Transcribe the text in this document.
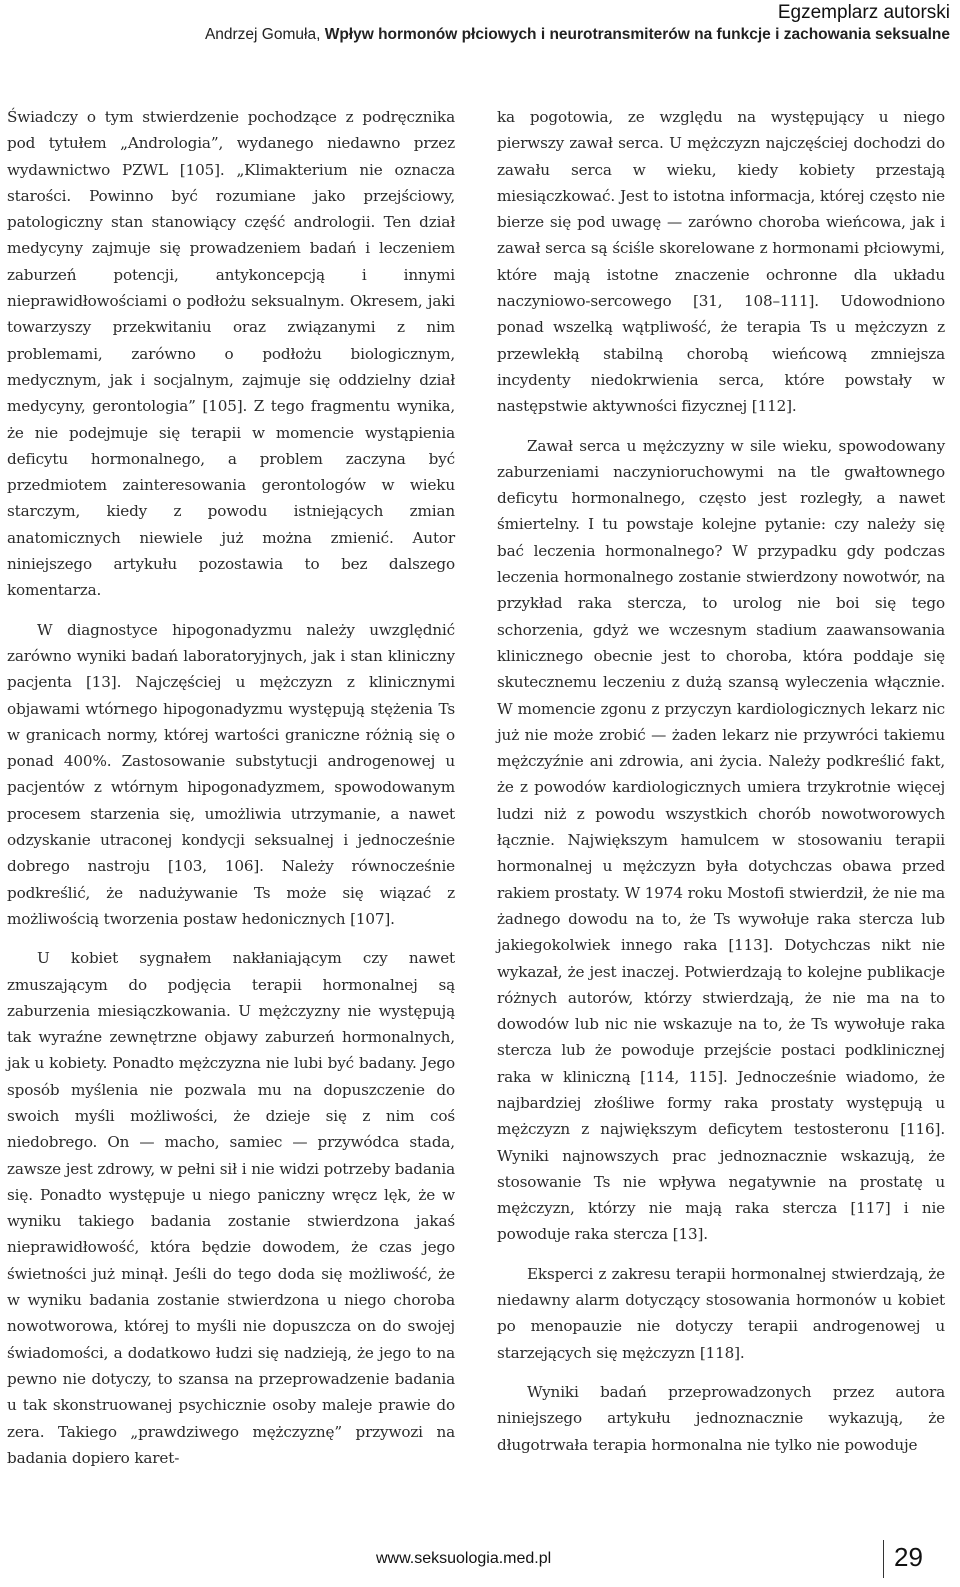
Egzemplarz autorski
Andrzej Gomuła, Wpływ hormonów płciowych i neurotransmiterów na funkcje i zachowania seksualne

Świadczy o tym stwierdzenie pochodzące z podręcznika pod tytułem „Andrologia”, wydanego niedawno przez wydawnictwo PZWL [105]. „Klimakterium nie oznacza starości. Powinno być rozumiane jako przejściowy, patologiczny stan stanowiący część andrologii. Ten dział medycyny zajmuje się prowadzeniem badań i leczeniem zaburzeń potencji, antykoncepcją i innymi nieprawidłowościami o podłożu seksualnym. Okresem, jaki towarzyszy przekwitaniu oraz związanymi z nim problemami, zarówno o podłożu biologicznym, medycznym, jak i socjalnym, zajmuje się oddzielny dział medycyny, gerontologia” [105]. Z tego fragmentu wynika, że nie podejmuje się terapii w momencie wystąpienia deficytu hormonalnego, a problem zaczyna być przedmiotem zainteresowania gerontologów w wieku starczym, kiedy z powodu istniejących zmian anatomicznych niewiele już można zmienić. Autor niniejszego artykułu pozostawia to bez dalszego komentarza.

W diagnostyce hipogonadyzmu należy uwzględnić zarówno wyniki badań laboratoryjnych, jak i stan kliniczny pacjenta [13]. Najczęściej u mężczyzn z klinicznymi objawami wtórnego hipogonadyzmu występują stężenia Ts w granicach normy, której wartości graniczne różnią się o ponad 400%. Zastosowanie substytucji androgenowej u pacjentów z wtórnym hipogonadyzmem, spowodowanym procesem starzenia się, umożliwia utrzymanie, a nawet odzyskanie utraconej kondycji seksualnej i jednocześnie dobrego nastroju [103, 106]. Należy równocześnie podkreślić, że nadużywanie Ts może się wiązać z możliwością tworzenia postaw hedonicznych [107].

U kobiet sygnałem nakłaniającym czy nawet zmuszającym do podjęcia terapii hormonalnej są zaburzenia miesiączkowania. U mężczyzny nie występują tak wyraźne zewnętrzne objawy zaburzeń hormonalnych, jak u kobiety. Ponadto mężczyzna nie lubi być badany. Jego sposób myślenia nie pozwala mu na dopuszczenie do swoich myśli możliwości, że dzieje się z nim coś niedobrego. On — macho, samiec — przywódca stada, zawsze jest zdrowy, w pełni sił i nie widzi potrzeby badania się. Ponadto występuje u niego paniczny wręcz lęk, że w wyniku takiego badania zostanie stwierdzona jakaś nieprawidłowość, która będzie dowodem, że czas jego świetności już minął. Jeśli do tego doda się możliwość, że w wyniku badania zostanie stwierdzona u niego choroba nowotworowa, której to myśli nie dopuszcza on do swojej świadomości, a dodatkowo łudzi się nadzieją, że jego to na pewno nie dotyczy, to szansa na przeprowadzenie badania u tak skonstruowanej psychicznie osoby maleje prawie do zera. Takiego „prawdziwego mężczyznę” przywozi na badania dopiero karet-

ka pogotowia, ze względu na występujący u niego pierwszy zawał serca. U mężczyzn najczęściej dochodzi do zawału serca w wieku, kiedy kobiety przestają miesiączkować. Jest to istotna informacja, której często nie bierze się pod uwagę — zarówno choroba wieńcowa, jak i zawał serca są ściśle skorelowane z hormonami płciowymi, które mają istotne znaczenie ochronne dla układu naczyniowo-sercowego [31, 108–111]. Udowodniono ponad wszelką wątpliwość, że terapia Ts u mężczyzn z przewlekłą stabilną chorobą wieńcową zmniejsza incydenty niedokrwienia serca, które powstały w następstwie aktywności fizycznej [112].

Zawał serca u mężczyzny w sile wieku, spowodowany zaburzeniami naczynioruchowymi na tle gwałtownego deficytu hormonalnego, często jest rozległy, a nawet śmiertelny. I tu powstaje kolejne pytanie: czy należy się bać leczenia hormonalnego? W przypadku gdy podczas leczenia hormonalnego zostanie stwierdzony nowotwór, na przykład raka stercza, to urolog nie boi się tego schorzenia, gdyż we wczesnym stadium zaawansowania klinicznego obecnie jest to choroba, która poddaje się skutecznemu leczeniu z dużą szansą wyleczenia włącznie. W momencie zgonu z przyczyn kardiologicznych lekarz nic już nie może zrobić — żaden lekarz nie przywróci takiemu mężczyźnie ani zdrowia, ani życia. Należy podkreślić fakt, że z powodów kardiologicznych umiera trzykrotnie więcej ludzi niż z powodu wszystkich chorób nowotworowych łącznie. Największym hamulcem w stosowaniu terapii hormonalnej u mężczyzn była dotychczas obawa przed rakiem prostaty. W 1974 roku Mostofi stwierdził, że nie ma żadnego dowodu na to, że Ts wywołuje raka stercza lub jakiegokolwiek innego raka [113]. Dotychczas nikt nie wykazał, że jest inaczej. Potwierdzają to kolejne publikacje różnych autorów, którzy stwierdzają, że nie ma na to dowodów lub nic nie wskazuje na to, że Ts wywołuje raka stercza lub że powoduje przejście postaci podklinicznej raka w kliniczną [114, 115]. Jednocześnie wiadomo, że najbardziej złośliwe formy raka prostaty występują u mężczyzn z największym deficytem testosteronu [116]. Wyniki najnowszych prac jednoznacznie wskazują, że stosowanie Ts nie wpływa negatywnie na prostatę u mężczyzn, którzy nie mają raka stercza [117] i nie powoduje raka stercza [13].

Eksperci z zakresu terapii hormonalnej stwierdzają, że niedawny alarm dotyczący stosowania hormonów u kobiet po menopauzie nie dotyczy terapii androgenowej u starzejących się mężczyzn [118].

Wyniki badań przeprowadzonych przez autora niniejszego artykułu jednoznacznie wykazują, że długotrwała terapia hormonalna nie tylko nie powoduje

www.seksuologia.med.pl	29
